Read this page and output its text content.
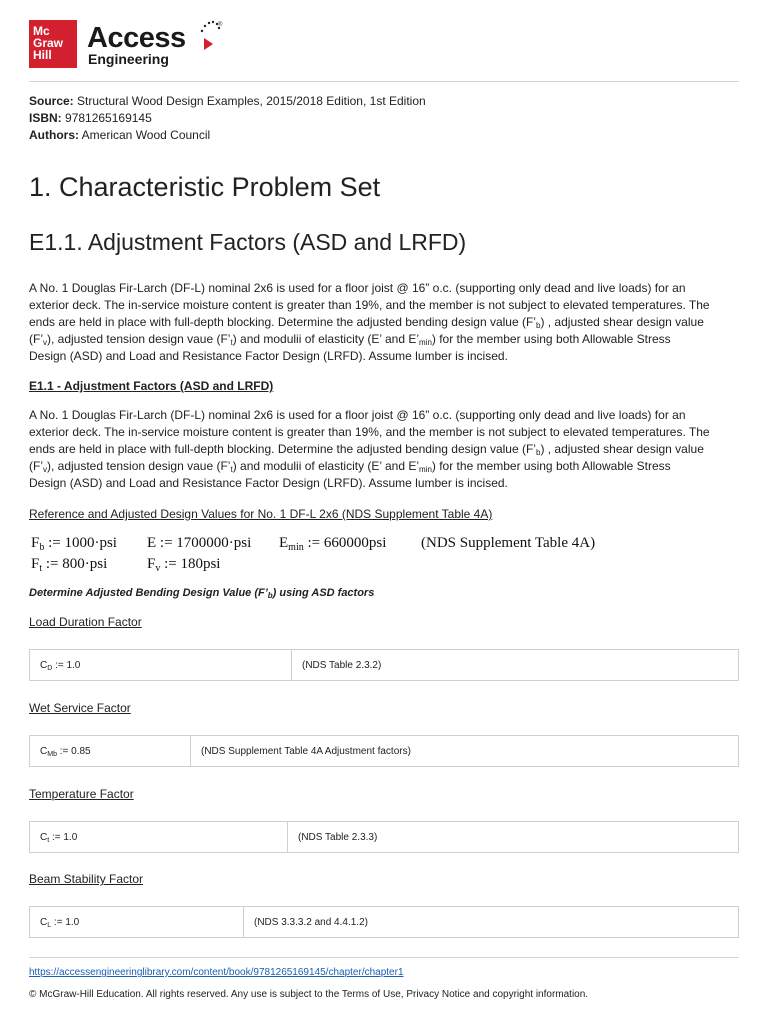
Mc
Graw
Hill
Access
Engineering
®
Source: Structural Wood Design Examples, 2015/2018 Edition, 1st Edition
ISBN: 9781265169145
Authors: American Wood Council
1. Characteristic Problem Set
E1.1. Adjustment Factors (ASD and LRFD)
A No. 1 Douglas Fir-Larch (DF-L) nominal 2x6 is used for a floor joist @ 16” o.c. (supporting only dead and live loads) for an
exterior deck. The in-service moisture content is greater than 19%, and the member is not subject to elevated temperatures. The
ends are held in place with full-depth blocking. Determine the adjusted bending design value $(F’_b)$ , adjusted shear design value
$(F’_v)$, adjusted tension design vaue $(F’_t)$ and modulii of elasticity (E’ and $E’_{min}$) for the member using both Allowable Stress
Design (ASD) and Load and Resistance Factor Design (LRFD). Assume lumber is incised.
E1.1 - Adjustment Factors (ASD and LRFD)
A No. 1 Douglas Fir-Larch (DF-L) nominal 2x6 is used for a floor joist @ 16” o.c. (supporting only dead and live loads) for an
exterior deck. The in-service moisture content is greater than 19%, and the member is not subject to elevated temperatures. The
ends are held in place with full-depth blocking. Determine the adjusted bending design value $(F’_b)$ , adjusted shear design value
$(F’_v)$, adjusted tension design vaue $(F’_t)$ and modulii of elasticity (E’ and $E’_{min}$) for the member using both Allowable Stress
Design (ASD) and Load and Resistance Factor Design (LRFD). Assume lumber is incised.
Reference and Adjusted Design Values for No. 1 DF-L 2x6 (NDS Supplement Table 4A)
$F_b$ := 1000·psi E := 1700000·psi $E_{min}$ := 660000psi (NDS Supplement Table 4A)
$F_t$ := 800·psi	$F_v$ := 180psi
Determine Adjusted Bending Design Value $(F’_b)$ using ASD factors
Load Duration Factor
$C_D$ := 1.0	(NDS Table 2.3.2)
Wet Service Factor
$C_{Mb}$ := 0.85	(NDS Supplement Table 4A Adjustment factors)
Temperature Factor
$C_t$ := 1.0	(NDS Table 2.3.3)
Beam Stability Factor
$C_L$ := 1.0	(NDS 3.3.3.2 and 4.4.1.2)
https://accessengineeringlibrary.com/content/book/9781265169145/chapter/chapter1
© McGraw-Hill Education. All rights reserved. Any use is subject to the Terms of Use, Privacy Notice and copyright information.
